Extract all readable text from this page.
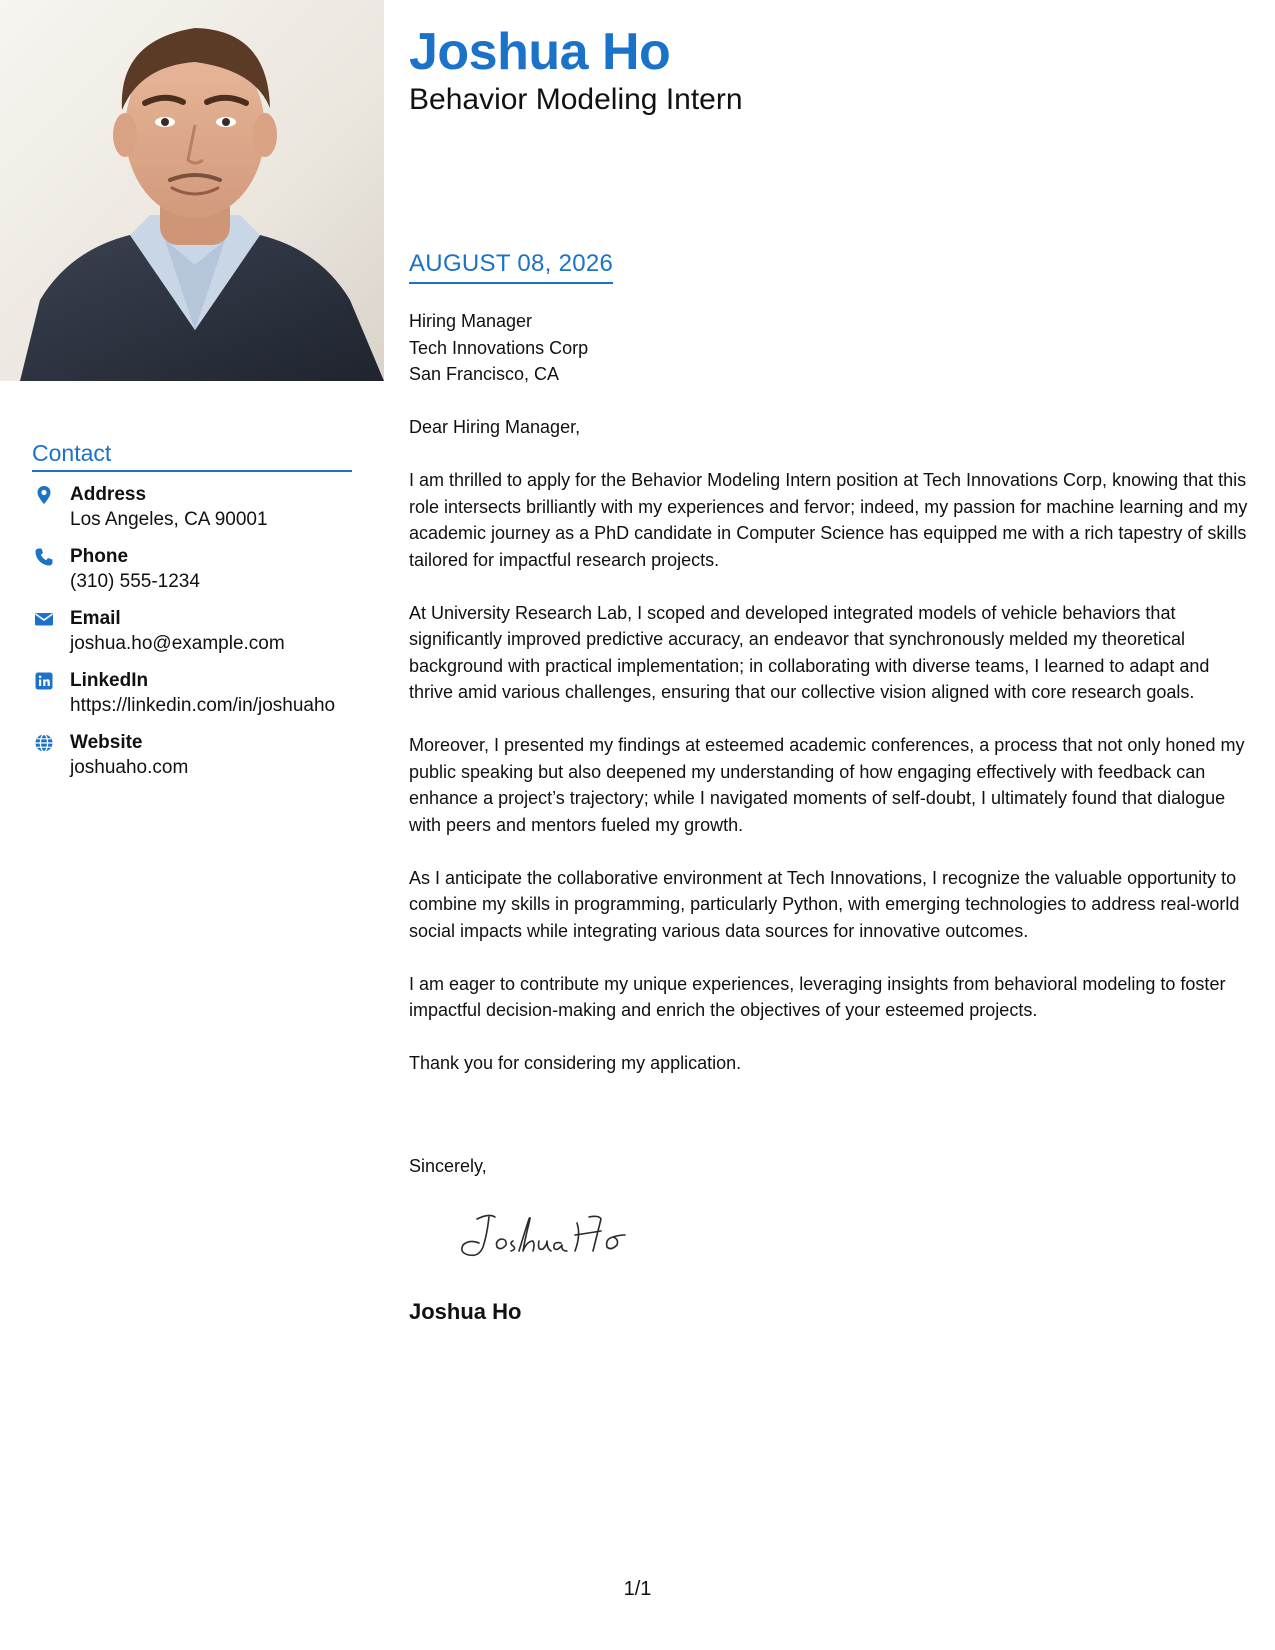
Contact
Address
Los Angeles, CA 90001
Phone
(310) 555-1234
Email
joshua.ho@example.com
LinkedIn
https://linkedin.com/in/joshuaho
Website
joshuaho.com
Joshua Ho
Behavior Modeling Intern
AUGUST 08, 2026
Hiring Manager
Tech Innovations Corp
San Francisco, CA

Dear Hiring Manager,

I am thrilled to apply for the Behavior Modeling Intern position at Tech Innovations Corp, knowing that this role intersects brilliantly with my experiences and fervor; indeed, my passion for machine learning and my academic journey as a PhD candidate in Computer Science has equipped me with a rich tapestry of skills tailored for impactful research projects.

At University Research Lab, I scoped and developed integrated models of vehicle behaviors that significantly improved predictive accuracy, an endeavor that synchronously melded my theoretical background with practical implementation; in collaborating with diverse teams, I learned to adapt and thrive amid various challenges, ensuring that our collective vision aligned with core research goals.

Moreover, I presented my findings at esteemed academic conferences, a process that not only honed my public speaking but also deepened my understanding of how engaging effectively with feedback can enhance a project’s trajectory; while I navigated moments of self-doubt, I ultimately found that dialogue with peers and mentors fueled my growth.

As I anticipate the collaborative environment at Tech Innovations, I recognize the valuable opportunity to combine my skills in programming, particularly Python, with emerging technologies to address real-world social impacts while integrating various data sources for innovative outcomes.

I am eager to contribute my unique experiences, leveraging insights from behavioral modeling to foster impactful decision-making and enrich the objectives of your esteemed projects.

Thank you for considering my application.

Sincerely,
Joshua Ho
1/1
